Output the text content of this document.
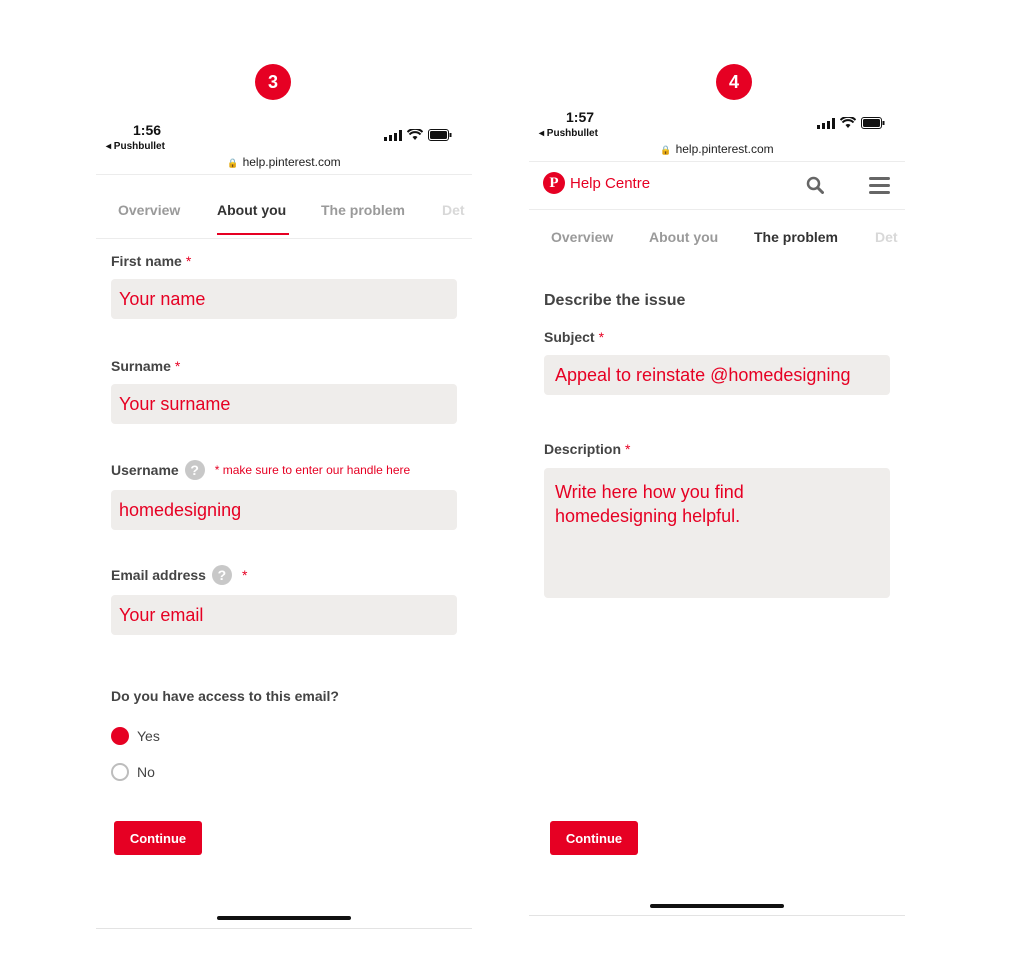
3	4
1:56
◂ Pushbullet
🔒 help.pinterest.com
Overview	About you The problem	Det
First name *
Your name
Surname *
Your surname
Username ?	* make sure to enter our handle here
homedesigning
Email address ?	*
Your email
Do you have access to this email?
Yes
No
Continue
1:57
◂ Pushbullet
🔒 help.pinterest.com
P Help Centre
Overview	About you	The problem	Det
Describe the issue
Subject *
Appeal to reinstate @homedesigning
Description *
Write here how you find
homedesigning helpful.
Continue
